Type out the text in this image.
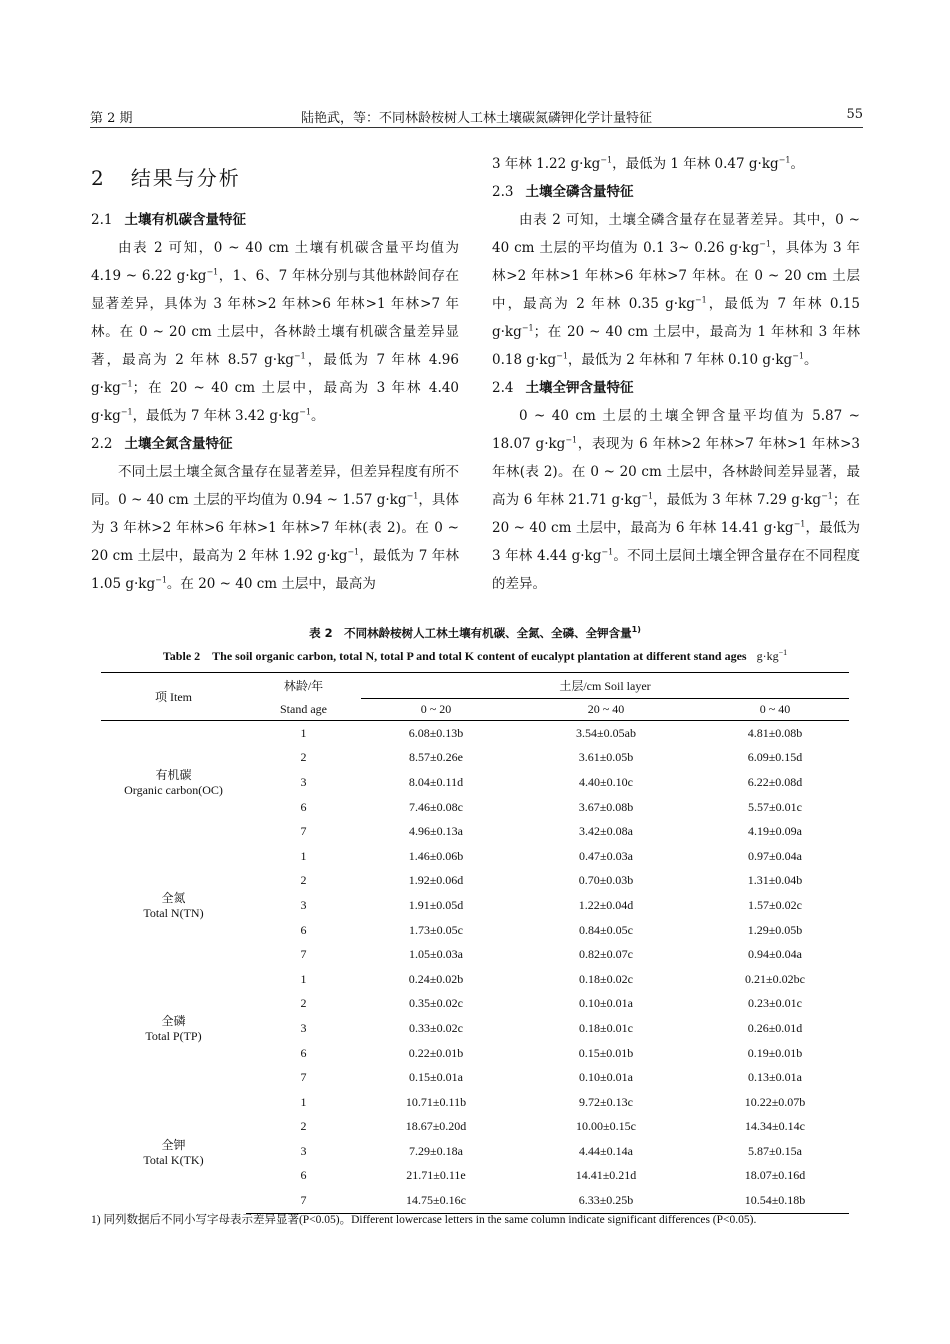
第 2 期	陆艳武，等：不同林龄桉树人工林土壤碳氮磷钾化学计量特征	55
2 结果与分析
2.1 土壤有机碳含量特征

由表 2 可知，0 ~ 40 cm 土壤有机碳含量平均值为 4.19 ~ 6.22 $g\cdot kg^{-1}$，1、6、7 年林分别与其他林龄间存在显著差异，具体为 3 年林>2 年林>6 年林>1 年林>7 年林。在 0 ~ 20 cm 土层中，各林龄土壤有机碳含量差异显著，最高为 2 年林 8.57 $g\cdot kg^{-1}$，最低为 7 年林 4.96 $g\cdot kg^{-1}$；在 20 ~ 40 cm 土层中，最高为 3 年林 4.40 $g\cdot kg^{-1}$，最低为 7 年林 3.42 $g\cdot kg^{-1}$。

2.2 土壤全氮含量特征

不同土层土壤全氮含量存在显著差异，但差异程度有所不同。0 ~ 40 cm 土层的平均值为 0.94 ~ 1.57 $g\cdot kg^{-1}$，具体为 3 年林>2 年林>6 年林>1 年林>7 年林(表 2)。在 0 ~ 20 cm 土层中，最高为 2 年林 1.92 $g\cdot kg^{-1}$，最低为 7 年林 1.05 $g\cdot kg^{-1}$。在 20 ~ 40 cm 土层中，最高为

3 年林 1.22 $g\cdot kg^{-1}$，最低为 1 年林 0.47 $g\cdot kg^{-1}$。

2.3 土壤全磷含量特征

由表 2 可知，土壤全磷含量存在显著差异。其中，0 ~ 40 cm 土层的平均值为 0.1 3~ 0.26 $g\cdot kg^{-1}$，具体为 3 年林>2 年林>1 年林>6 年林>7 年林。在 0 ~ 20 cm 土层中，最高为 2 年林 0.35 $g\cdot kg^{-1}$，最低为 7 年林 0.15 $g\cdot kg^{-1}$；在 20 ~ 40 cm 土层中，最高为 1 年林和 3 年林 0.18 $g\cdot kg^{-1}$，最低为 2 年林和 7 年林 0.10 $g\cdot kg^{-1}$。

2.4 土壤全钾含量特征

0 ~ 40 cm 土层的土壤全钾含量平均值为 5.87 ~ 18.07 $g\cdot kg^{-1}$，表现为 6 年林>2 年林>7 年林>1 年林>3 年林(表 2)。在 0 ~ 20 cm 土层中，各林龄间差异显著，最高为 6 年林 21.71 $g\cdot kg^{-1}$，最低为 3 年林 7.29 $g\cdot kg^{-1}$；在 20 ~ 40 cm 土层中，最高为 6 年林 14.41 $g\cdot kg^{-1}$，最低为 3 年林 4.44 $g\cdot kg^{-1}$。不同土层间土壤全钾含量存在不同程度的差异。

表 2　不同林龄桉树人工林土壤有机碳、全氮、全磷、全钾含量$^{1)}$
Table 2　The soil organic carbon, total N, total P and total K content of eucalypt plantation at different stand ages $g\cdot kg^{-1}$
项 Item	林龄/年	土层/cm Soil layer		
	Stand age	0 ~ 20	20 ~ 40	0 ~ 40

有机碳
Organic carbon(OC)	1	6.08±0.13b	3.54±0.05ab	4.81±0.08b
	2	8.57±0.26e	3.61±0.05b	6.09±0.15d
	3	8.04±0.11d	4.40±0.10c	6.22±0.08d
	6	7.46±0.08c	3.67±0.08b	5.57±0.01c
	7	4.96±0.13a	3.42±0.08a	4.19±0.09a

全氮
Total N(TN)	1	1.46±0.06b	0.47±0.03a	0.97±0.04a
	2	1.92±0.06d	0.70±0.03b	1.31±0.04b
	3	1.91±0.05d	1.22±0.04d	1.57±0.02c
	6	1.73±0.05c	0.84±0.05c	1.29±0.05b
	7	1.05±0.03a	0.82±0.07c	0.94±0.04a

全磷
Total P(TP)	1	0.24±0.02b	0.18±0.02c	0.21±0.02bc
	2	0.35±0.02c	0.10±0.01a	0.23±0.01c
	3	0.33±0.02c	0.18±0.01c	0.26±0.01d
	6	0.22±0.01b	0.15±0.01b	0.19±0.01b
	7	0.15±0.01a	0.10±0.01a	0.13±0.01a

全钾
Total K(TK)	1	10.71±0.11b	9.72±0.13c	10.22±0.07b
	2	18.67±0.20d	10.00±0.15c	14.34±0.14c
	3	7.29±0.18a	4.44±0.14a	5.87±0.15a
	6	21.71±0.11e	14.41±0.21d	18.07±0.16d
	7	14.75±0.16c	6.33±0.25b	10.54±0.18b
1) 同列数据后不同小写字母表示差异显著(P<0.05)。Different lowercase letters in the same column indicate significant differences (P<0.05).
